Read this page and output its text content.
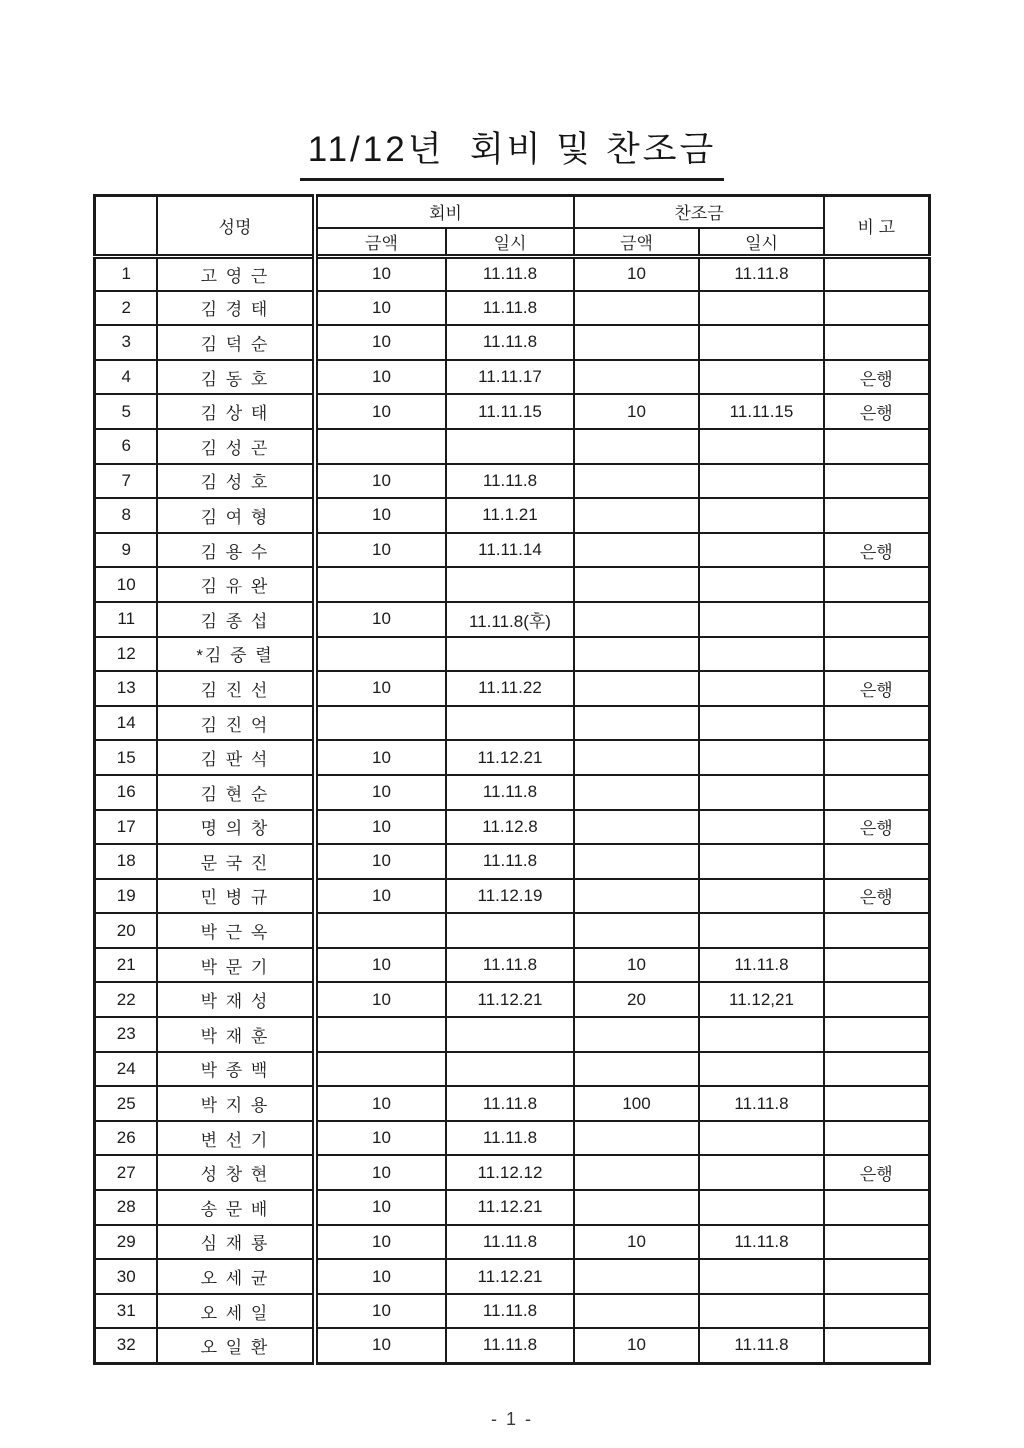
11/12년  회비 및 찬조금
	성명	회비		찬조금		비 고
		금액	일시	금액	일시	
1	고 영 근	10	11.11.8	10	11.11.8	
2	김 경 태	10	11.11.8			
3	김 덕 순	10	11.11.8			
4	김 동 호	10	11.11.17			은행
5	김 상 태	10	11.11.15	10	11.11.15	은행
6	김 성 곤					
7	김 성 호	10	11.11.8			
8	김 여 형	10	11.1.21			
9	김 용 수	10	11.11.14			은행
10	김 유 완					
11	김 종 섭	10	11.11.8(후)			
12	*김 중 렬					
13	김 진 선	10	11.11.22			은행
14	김 진 억					
15	김 판 석	10	11.12.21			
16	김 현 순	10	11.11.8			
17	명 의 창	10	11.12.8			은행
18	문 국 진	10	11.11.8			
19	민 병 규	10	11.12.19			은행
20	박 근 옥					
21	박 문 기	10	11.11.8	10	11.11.8	
22	박 재 성	10	11.12.21	20	11.12,21	
23	박 재 훈					
24	박 종 백					
25	박 지 용	10	11.11.8	100	11.11.8	
26	변 선 기	10	11.11.8			
27	성 창 현	10	11.12.12			은행
28	송 문 배	10	11.12.21			
29	심 재 룡	10	11.11.8	10	11.11.8	
30	오 세 균	10	11.12.21			
31	오 세 일	10	11.11.8			
32	오 일 환	10	11.11.8	10	11.11.8	
- 1 -
